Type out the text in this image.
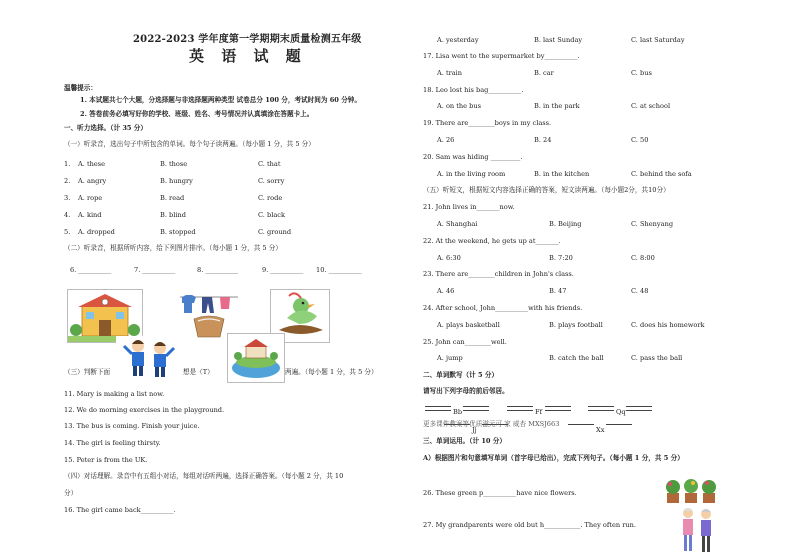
2022-2023 学年度第一学期期末质量检测五年级
英 语 试 题
温馨提示：
1. 本试题共七个大题，分选择题与非选择题两种类型 试卷总分 100 分，考试时间为 60 分钟。
2. 答卷前务必填写好你的学校、班级、姓名、考号情况并认真填涂在答题卡上。
一、听力选择。（计 35 分）
（一）听录音，选出句子中所包含的单词。每个句子读两遍。（每小题 1 分，共 5 分）
1. A. these	B. those	C. that
2. A. angry	B. hungry	C. sorry
3. A. rope	B. read	C. rode
4. A. kind	B. blind	C. black
5. A. dropped	B. stopped	C. ground
（二）听录音，根据所听内容，给下列图片排序。（每小题 1 分，共 5 分）
6. __________	7. __________	8. __________	9. __________ 10. __________
（三）判断下面	想是（T）	两遍。（每小题 1 分，共 5 分）
11. Mary is making a list now.
12. We do morning exercises in the playground.
13. The bus is coming. Finish your juice.
14. The girl is feeling thirsty.
15. Peter is from the UK.
（四）对话理解。录音中有五组小对话，每组对话听两遍，选择正确答案。（每小题 2 分，共 10
分）
16. The girl came back__________.
A. yesterday	B. last Sunday	C. last Saturday
17. Lisa went to the supermarket by__________.
A. train	B. car	C. bus
18. Leo lost his bag__________.
A. on the bus	B. in the park	C. at school
19. There are________boys in my class.
A. 26	B. 24	C. 50
20. Sam was hiding _________.
A. in the living room	B. in the kitchen	C. behind the sofa
（五）听短文，根据短文内容选择正确的答案，短文读两遍。（每小题2分，共10分）
21. John lives in_______now.
A. Shanghai	B. Beijing	C. Shenyang
22. At the weekend, he gets up at_______.
A. 6:30	B. 7:20	C. 8:00
23. There are________children in John's class.
A. 46	B. 47	C. 48
24. After school, John__________with his friends.
A. plays basketball	B. plays football	C. does his homework
25. John can________well.
A. jump	B. catch the ball	C. pass the ball
二、单词默写（计 5 分）
请写出下列字母的前后邻居。
Bb	Ff	Qq
Jj	Xx
更多课件教案等优质滋元可 家 威杏 MXSJ663
三、单词运用。（计 10 分）
A）根据图片和句意填写单词（首字母已给出），完成下列句子。（每小题 1 分，共 5 分）
26. These green p__________have nice flowers.
27. My grandparents were old but h___________. They often run.
